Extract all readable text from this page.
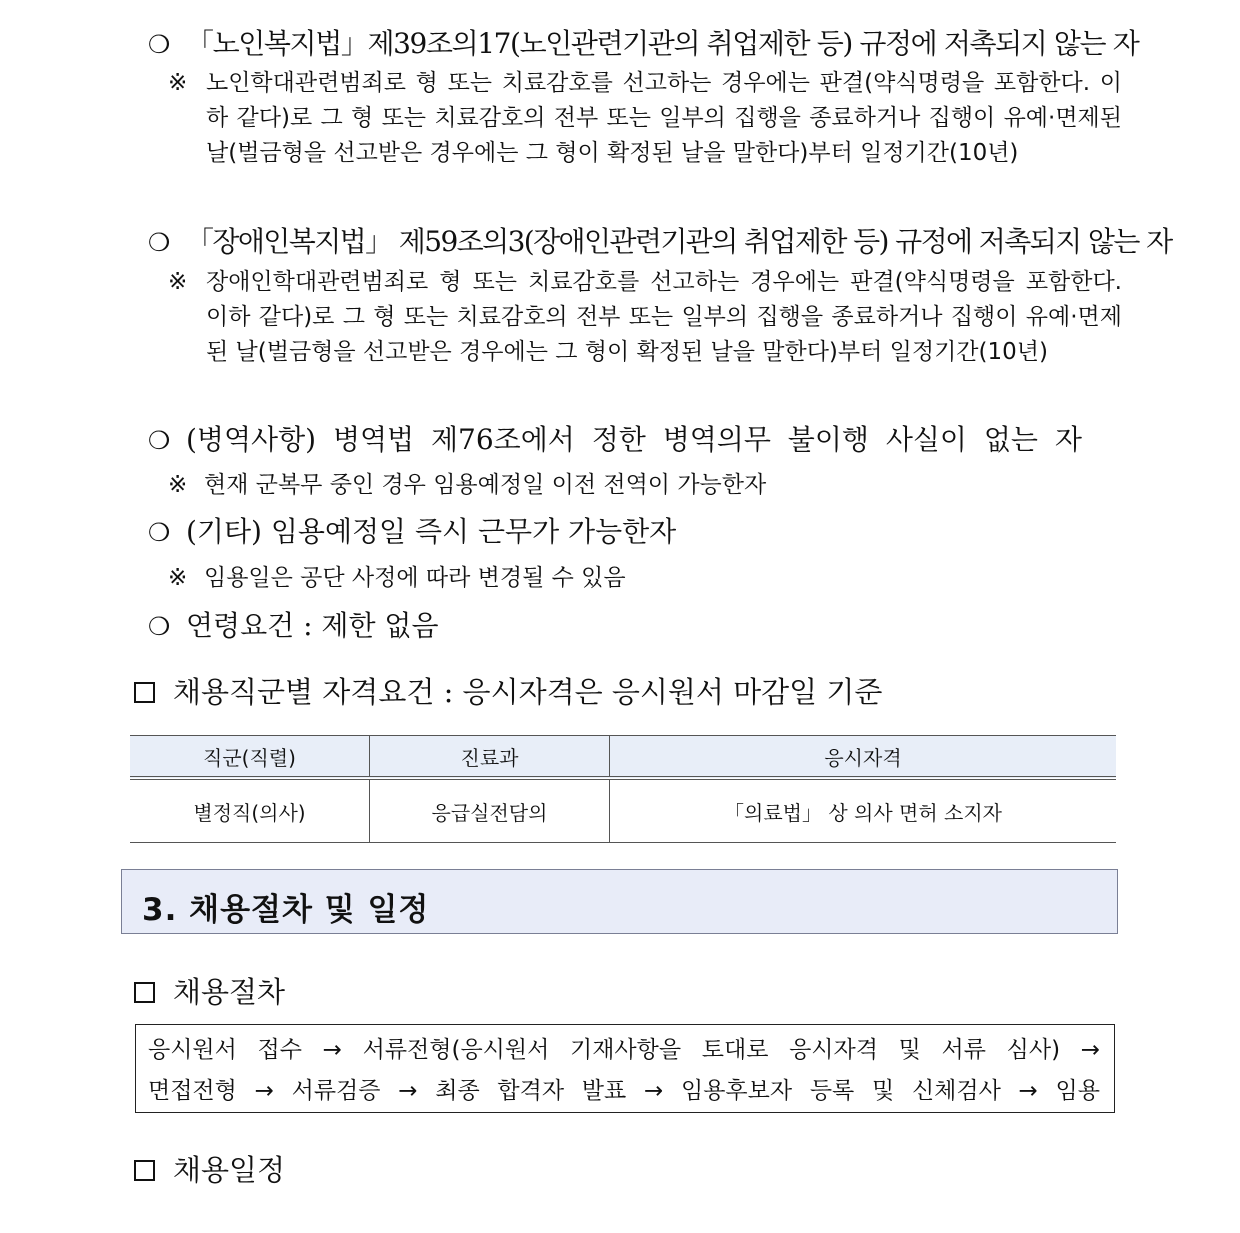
❍ 「노인복지법」제39조의17(노인관련기관의 취업제한 등) 규정에 저촉되지 않는 자
※ 노인학대관련범죄로 형 또는 치료감호를 선고하는 경우에는 판결(약식명령을 포함한다. 이하 같다)로 그 형 또는 치료감호의 전부 또는 일부의 집행을 종료하거나 집행이 유예·면제된 날(벌금형을 선고받은 경우에는 그 형이 확정된 날을 말한다)부터 일정기간(10년)
❍ 「장애인복지법」 제59조의3(장애인관련기관의 취업제한 등) 규정에 저촉되지 않는 자
※ 장애인학대관련범죄로 형 또는 치료감호를 선고하는 경우에는 판결(약식명령을 포함한다. 이하 같다)로 그 형 또는 치료감호의 전부 또는 일부의 집행을 종료하거나 집행이 유예·면제된 날(벌금형을 선고받은 경우에는 그 형이 확정된 날을 말한다)부터 일정기간(10년)
❍ (병역사항) 병역법 제76조에서 정한 병역의무 불이행 사실이 없는 자
※ 현재 군복무 중인 경우 임용예정일 이전 전역이 가능한자
❍ (기타) 임용예정일 즉시 근무가 가능한자
※ 임용일은 공단 사정에 따라 변경될 수 있음
❍ 연령요건 : 제한 없음
채용직군별 자격요건 : 응시자격은 응시원서 마감일 기준
직군(직렬)	진료과	응시자격
별정직(의사)	응급실전담의	「의료법」 상 의사 면허 소지자
3. 채용절차 및 일정
채용절차
응시원서 접수 → 서류전형(응시원서 기재사항을 토대로 응시자격 및 서류 심사) →
면접전형 → 서류검증 → 최종 합격자 발표 → 임용후보자 등록 및 신체검사 → 임용
채용일정
